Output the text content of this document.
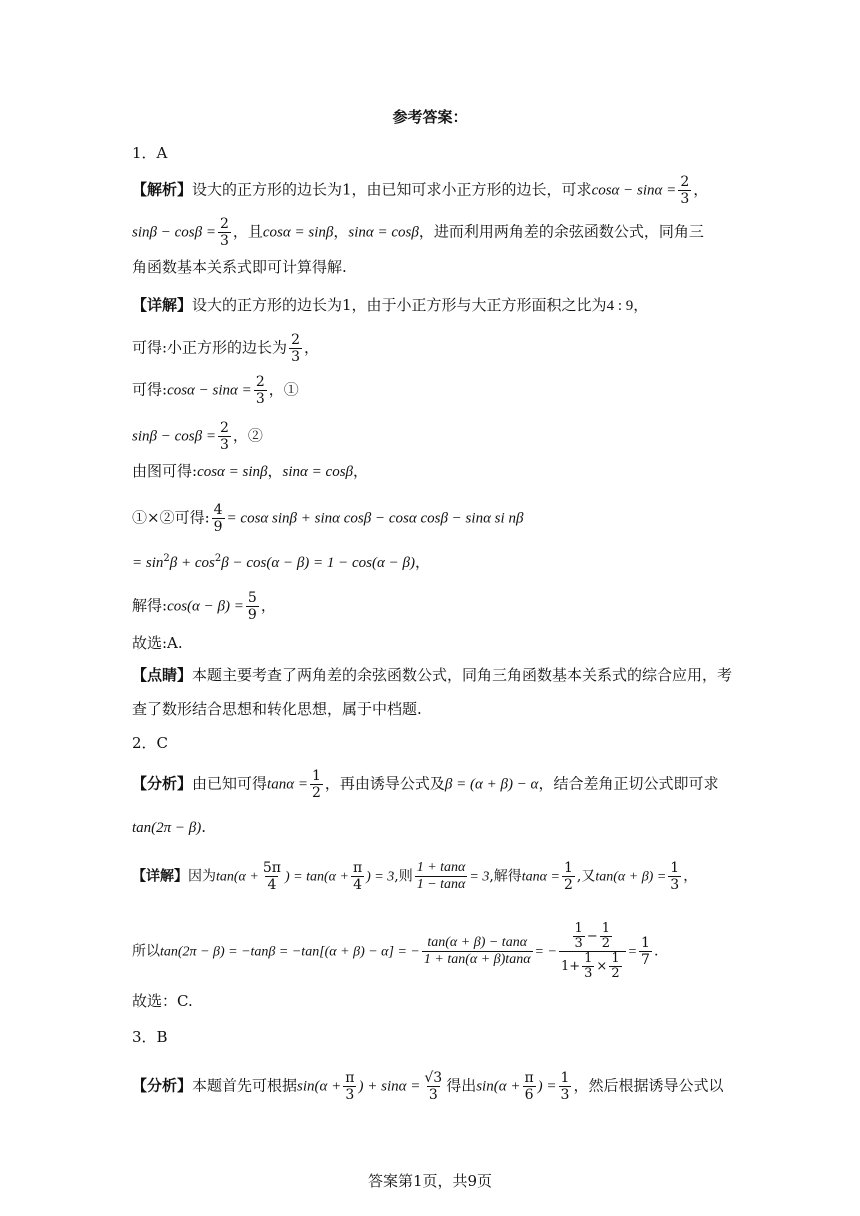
参考答案：
1．A
【解析】设大的正方形的边长为1，由已知可求小正方形的边长，可求$\cos\alpha - \sin\alpha = \frac{2}{3}$ ，
$\sin\beta - \cos\beta = \frac{2}{3}$ ，且cosα = sinβ，sinα = cosβ，进而利用两角差的余弦函数公式，同角三
角函数基本关系式即可计算得解.
【详解】设大的正方形的边长为1，由于小正方形与大正方形面积之比为4 : 9，
可得:小正方形的边长为 $\frac{2}{3}$ ，
可得:cosα − $\sin\alpha = \frac{2}{3}$ ，①
$\sin\beta - \cos\beta = \frac{2}{3}$ ，②
由图可得:cosα = sinβ，sinα = cosβ，
①×②可得: $\frac{4}{9} = \cos\alpha$ sinβ + sinα cosβ − cosα cosβ − sinα si nβ
= $\sin^2\beta + \cos^2\beta - \cos(\alpha - \beta) = 1 - \cos(\alpha - \beta)$，
解得:cos(α − $\beta) = \frac{5}{9}$ ，
故选:A.
【点睛】本题主要考查了两角差的余弦函数公式，同角三角函数基本关系式的综合应用，考
查了数形结合思想和转化思想，属于中档题.
2．C
【分析】由已知可得$\tan\alpha = \frac{1}{2}$ ，再由诱导公式及β = (α + β) − α，结合差角正切公式即可求
tan(2π − β).
【详解】因为$\tan(\alpha + \frac{5\pi}{4}$ ) = $\tan(\alpha + \frac{\pi}{4}$ ) = 3,则 $\frac{1 + \tan\alpha}{1 - \tan\alpha} = 3$,解得$\tan\alpha = \frac{1}{2}$ ,又$\tan(\alpha + \beta) = \frac{1}{3}$ ，
所以tan(2π − β) = −tanβ = −tan[(α + β) − α] = − $\frac{\tan(\alpha + \beta) - \tan\alpha}{1 + \tan(\alpha + \beta)\tan\alpha}$ = − $\frac{\frac{1}{3} - \frac{1}{2}}{1+ \frac{1}{3} \times \frac{1}{2}} = \frac{1}{7}$ .
故选：C.
3．B
【分析】本题首先可根据$\sin(\alpha + \frac{\pi}{3}$ ) + $\sin\alpha = \frac{√3}{3}$ 得出$\sin(\alpha + \frac{\pi}{6}$ ) = $\frac{1}{3}$ ，然后根据诱导公式以
答案第1页，共9页
